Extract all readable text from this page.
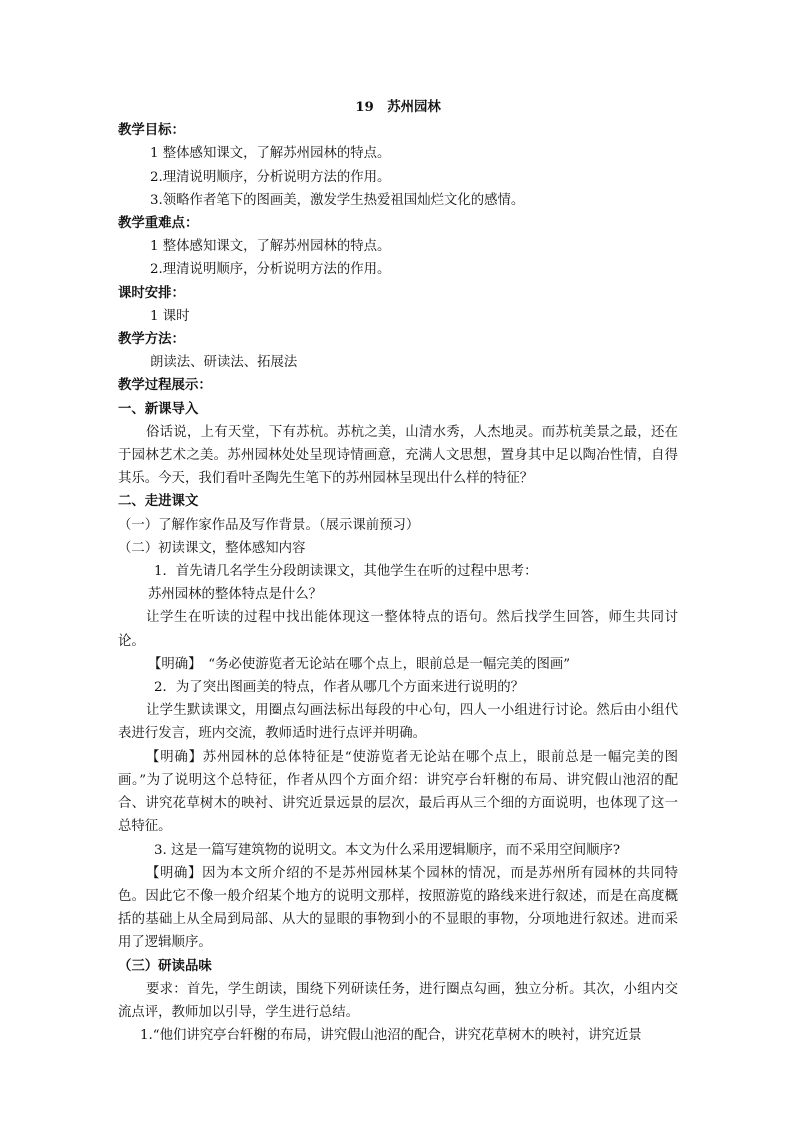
19　苏州园林
教学目标：
1 整体感知课文，了解苏州园林的特点。
2.理清说明顺序，分析说明方法的作用。
3.领略作者笔下的图画美，激发学生热爱祖国灿烂文化的感情。
教学重难点：
1 整体感知课文，了解苏州园林的特点。
2.理清说明顺序，分析说明方法的作用。
课时安排：
1 课时
教学方法：
朗读法、研读法、拓展法
教学过程展示：
一、新课导入
俗话说，上有天堂，下有苏杭。苏杭之美，山清水秀，人杰地灵。而苏杭美景之最，还在于园林艺术之美。苏州园林处处呈现诗情画意，充满人文思想，置身其中足以陶冶性情，自得其乐。今天，我们看叶圣陶先生笔下的苏州园林呈现出什么样的特征？
二、走进课文
（一）了解作家作品及写作背景。（展示课前预习）
（二）初读课文，整体感知内容
1．首先请几名学生分段朗读课文，其他学生在听的过程中思考：
苏州园林的整体特点是什么？
让学生在听读的过程中找出能体现这一整体特点的语句。然后找学生回答，师生共同讨论。
【明确】　“务必使游览者无论站在哪个点上，眼前总是一幅完美的图画”
2．为了突出图画美的特点，作者从哪几个方面来进行说明的？
让学生默读课文，用圈点勾画法标出每段的中心句，四人一小组进行讨论。然后由小组代表进行发言，班内交流，教师适时进行点评并明确。
【明确】苏州园林的总体特征是“使游览者无论站在哪个点上，眼前总是一幅完美的图画。”为了说明这个总特征，作者从四个方面介绍：讲究亭台轩榭的布局、讲究假山池沼的配合、讲究花草树木的映衬、讲究近景远景的层次，最后再从三个细的方面说明，也体现了这一总特征。
3. 这是一篇写建筑物的说明文。本文为什么采用逻辑顺序，而不采用空间顺序?
【明确】因为本文所介绍的不是苏州园林某个园林的情况，而是苏州所有园林的共同特色。因此它不像一般介绍某个地方的说明文那样，按照游览的路线来进行叙述，而是在高度概括的基础上从全局到局部、从大的显眼的事物到小的不显眼的事物，分项地进行叙述。进而采用了逻辑顺序。
（三）研读品味
要求：首先，学生朗读，围绕下列研读任务，进行圈点勾画，独立分析。其次，小组内交流点评，教师加以引导，学生进行总结。
1.“他们讲究亭台轩榭的布局，讲究假山池沼的配合，讲究花草树木的映衬，讲究近景
